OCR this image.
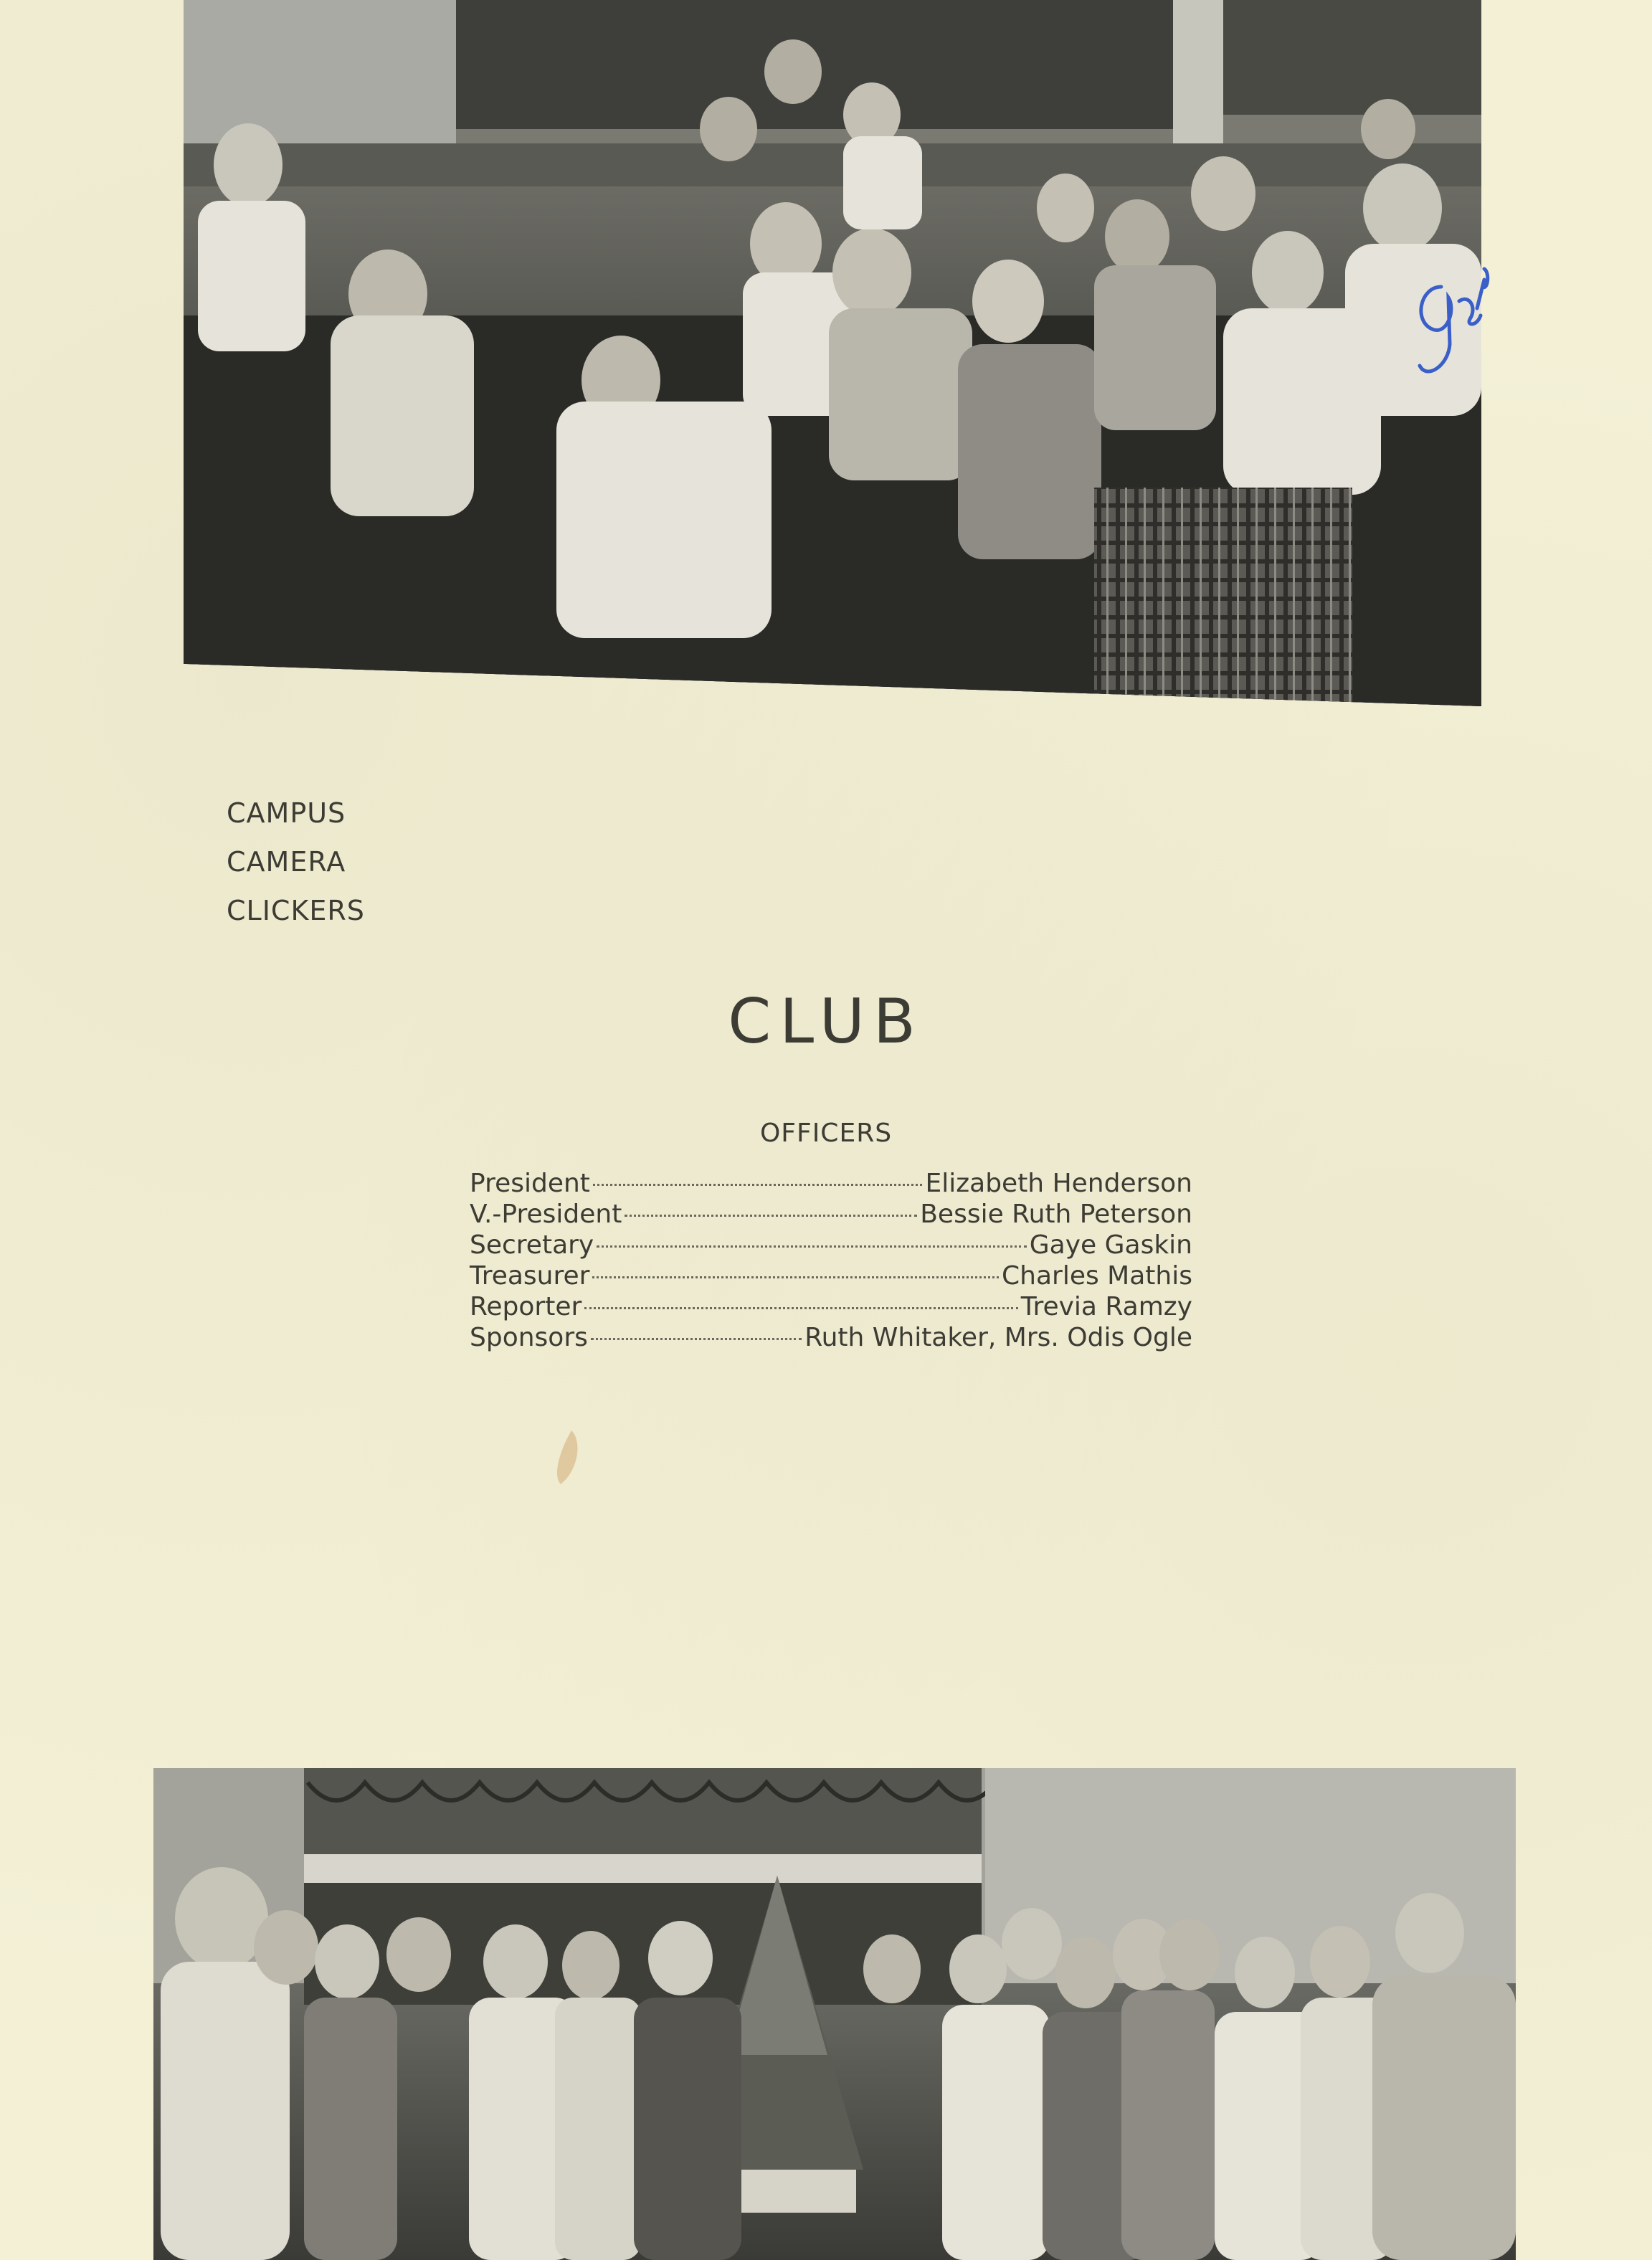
CAMPUS
CAMERA
CLICKERS
CLUB
OFFICERS
President	Elizabeth Henderson
V.-President	Bessie Ruth Peterson
Secretary	Gaye Gaskin
Treasurer	Charles Mathis
Reporter	Trevia Ramzy
Sponsors	Ruth Whitaker, Mrs. Odis Ogle
